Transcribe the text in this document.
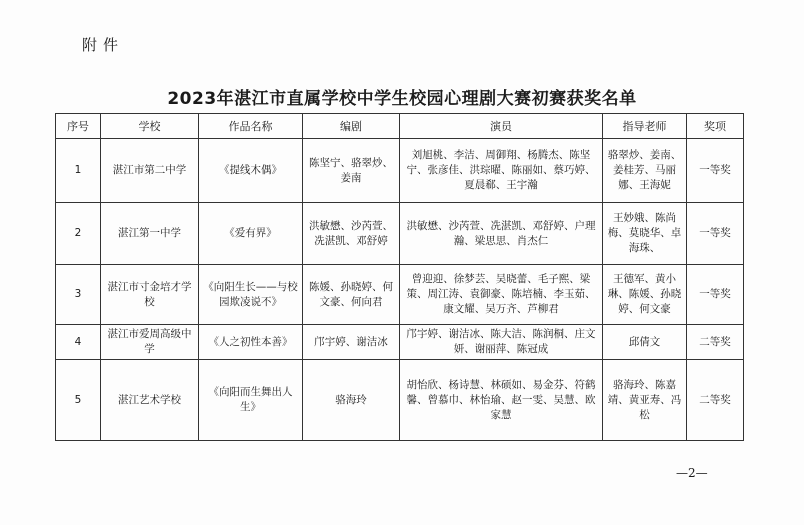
附件
2023年湛江市直属学校中学生校园心理剧大赛初赛获奖名单
序号	学校	作品名称	编剧	演员	指导老师	奖项
1	湛江市第二中学	《提线木偶》	陈坚宁、骆翠炒、姜南	刘旭桃、李洁、周御翔、杨腾杰、陈坚宁、张彦佳、洪琮曜、陈丽如、蔡巧婷、夏晨郗、王宇瀚	骆翠炒、姜南、姜桂芳、马丽娜、王海妮	一等奖
2	湛江第一中学	《爱有界》	洪敏懋、沙芮萱、冼湛凯、邓舒婷	洪敏懋、沙芮萱、冼湛凯、邓舒婷、户理瀚、梁思思、肖杰仁	王妙娥、陈尚梅、莫晓华、卓海珠、	一等奖
3	湛江市寸金培才学校	《向阳生长——与校园欺凌说不》	陈媛、孙晓婷、何文豪、何向君	曾迎迎、徐梦芸、吴晓蕾、毛子熙、梁策、周江涛、袁御豪、陈培楠、李玉茹、康文耀、吴万齐、芦柳君	王德军、黄小琳、陈媛、孙晓婷、何文豪	一等奖
4	湛江市爱周高级中学	《人之初性本善》	邝宇婷、谢洁冰	邝宇婷、谢洁冰、陈大洁、陈润桐、庄文妍、谢丽萍、陈冠成	邱倩文	二等奖
5	湛江艺术学校	《向阳而生舞出人生》	骆海玲	胡怡欣、杨诗慧、林硕如、易金芬、符鹤馨、曾慕巾、林怡瑜、赵一雯、吴慧、欧家慧	骆海玲、陈嘉靖、黄亚寿、冯松	二等奖
—2—
